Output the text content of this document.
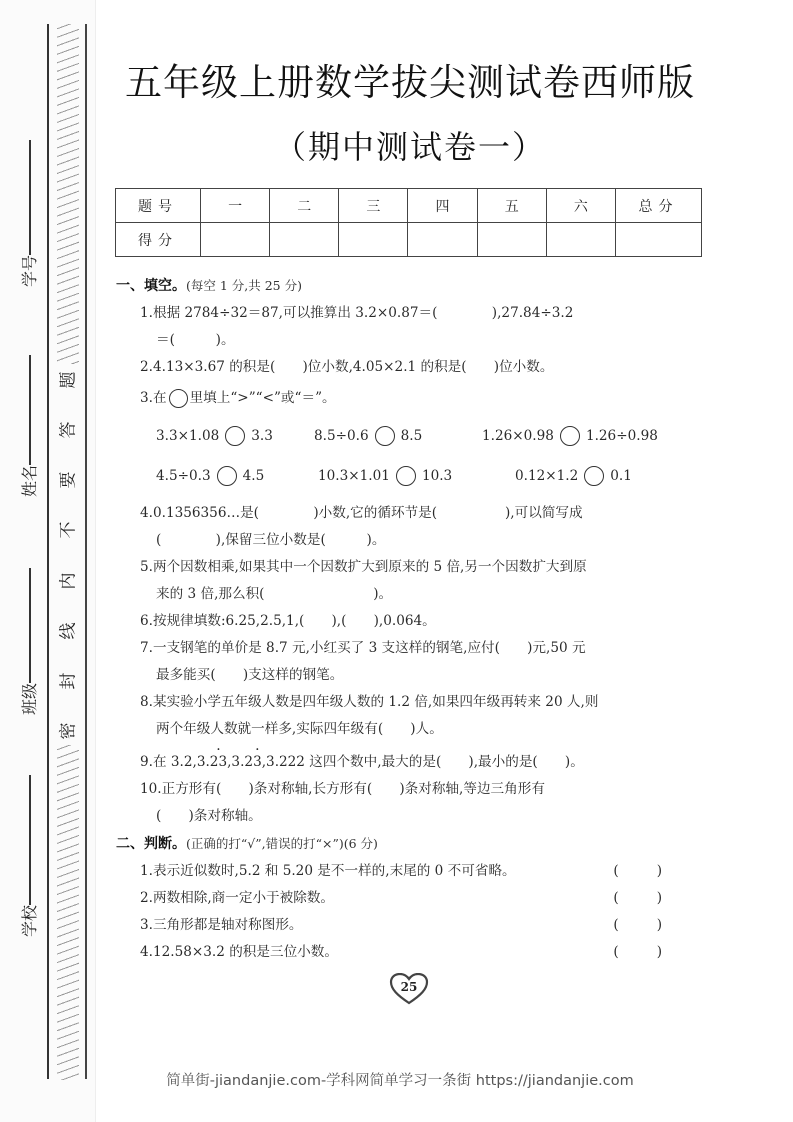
题
答
要
不
内
线
封
密
学号
姓名
班级
学校
五年级上册数学拔尖测试卷西师版
（期中测试卷一）
题号	一	二	三	四	五	六	总分
得分							
一、填空。(每空 1 分,共 25 分)
1.根据 2784÷32＝87,可以推算出 3.2×0.87＝(　　　　),27.84÷3.2
＝(　　　)。
2.4.13×3.67 的积是(　　)位小数,4.05×2.1 的积是(　　)位小数。
3.在 里填上“>”“<”或“＝”。
3.3×1.08 3.3	8.5÷0.6 8.5	1.26×0.98 1.26÷0.98
4.5÷0.3 4.5	10.3×1.01 10.3	0.12×1.2 0.1
4.0.1356356…是(　　　　)小数,它的循环节是(　　　　　),可以简写成
(　　　　),保留三位小数是(　　　)。
5.两个因数相乘,如果其中一个因数扩大到原来的 5 倍,另一个因数扩大到原
来的 3 倍,那么积(　　　　　　　　)。
6.按规律填数:6.25,2.5,1,(　　),(　　),0.064。
7.一支钢笔的单价是 8.7 元,小红买了 3 支这样的钢笔,应付(　　)元,50 元
最多能买(　　)支这样的钢笔。
8.某实验小学五年级人数是四年级人数的 1.2 倍,如果四年级再转来 20 人,则
两个年级人数就一样多,实际四年级有(　　)人。
9.在 3.2,3.· 23,3.2· 3,3.222 这四个数中,最大的是(　　),最小的是(　　)。
10.正方形有(　　)条对称轴,长方形有(　　)条对称轴,等边三角形有
(　　)条对称轴。
二、判断。(正确的打“√”,错误的打“×”)(6 分)
1.表示近似数时,5.2 和 5.20 是不一样的,末尾的 0 不可省略。	()
2.两数相除,商一定小于被除数。	()
3.三角形都是轴对称图形。	()
4.12.58×3.2 的积是三位小数。	()
25
简单街-jiandanjie.com-学科网简单学习一条街 https://jiandanjie.com
